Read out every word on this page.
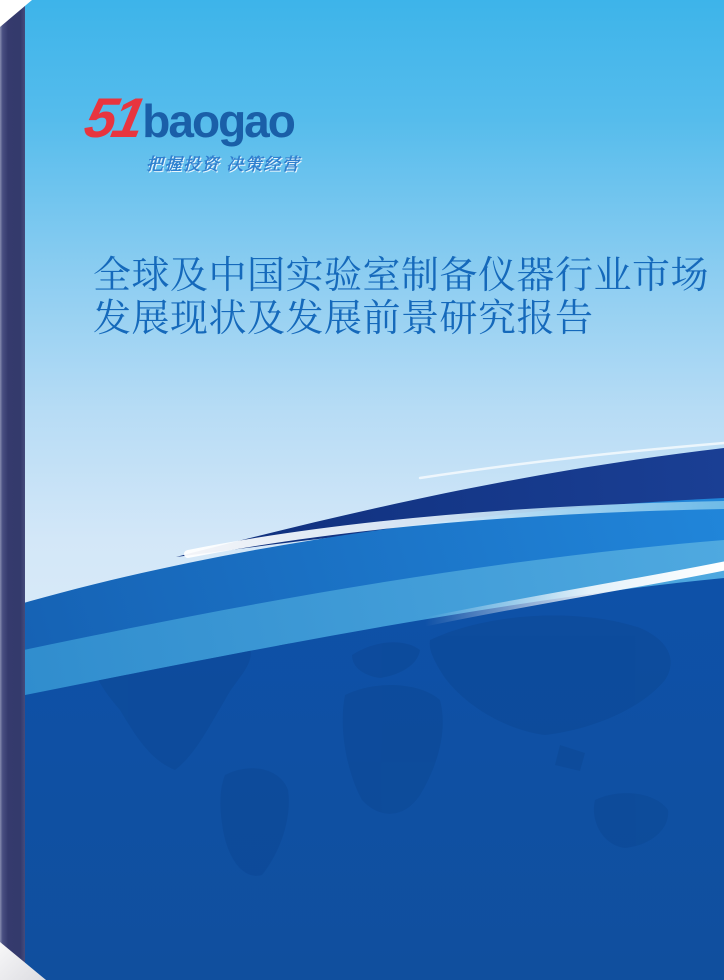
51
baogao
把握投资 决策经营
全球及中国实验室制备仪器行业市场
发展现状及发展前景研究报告
